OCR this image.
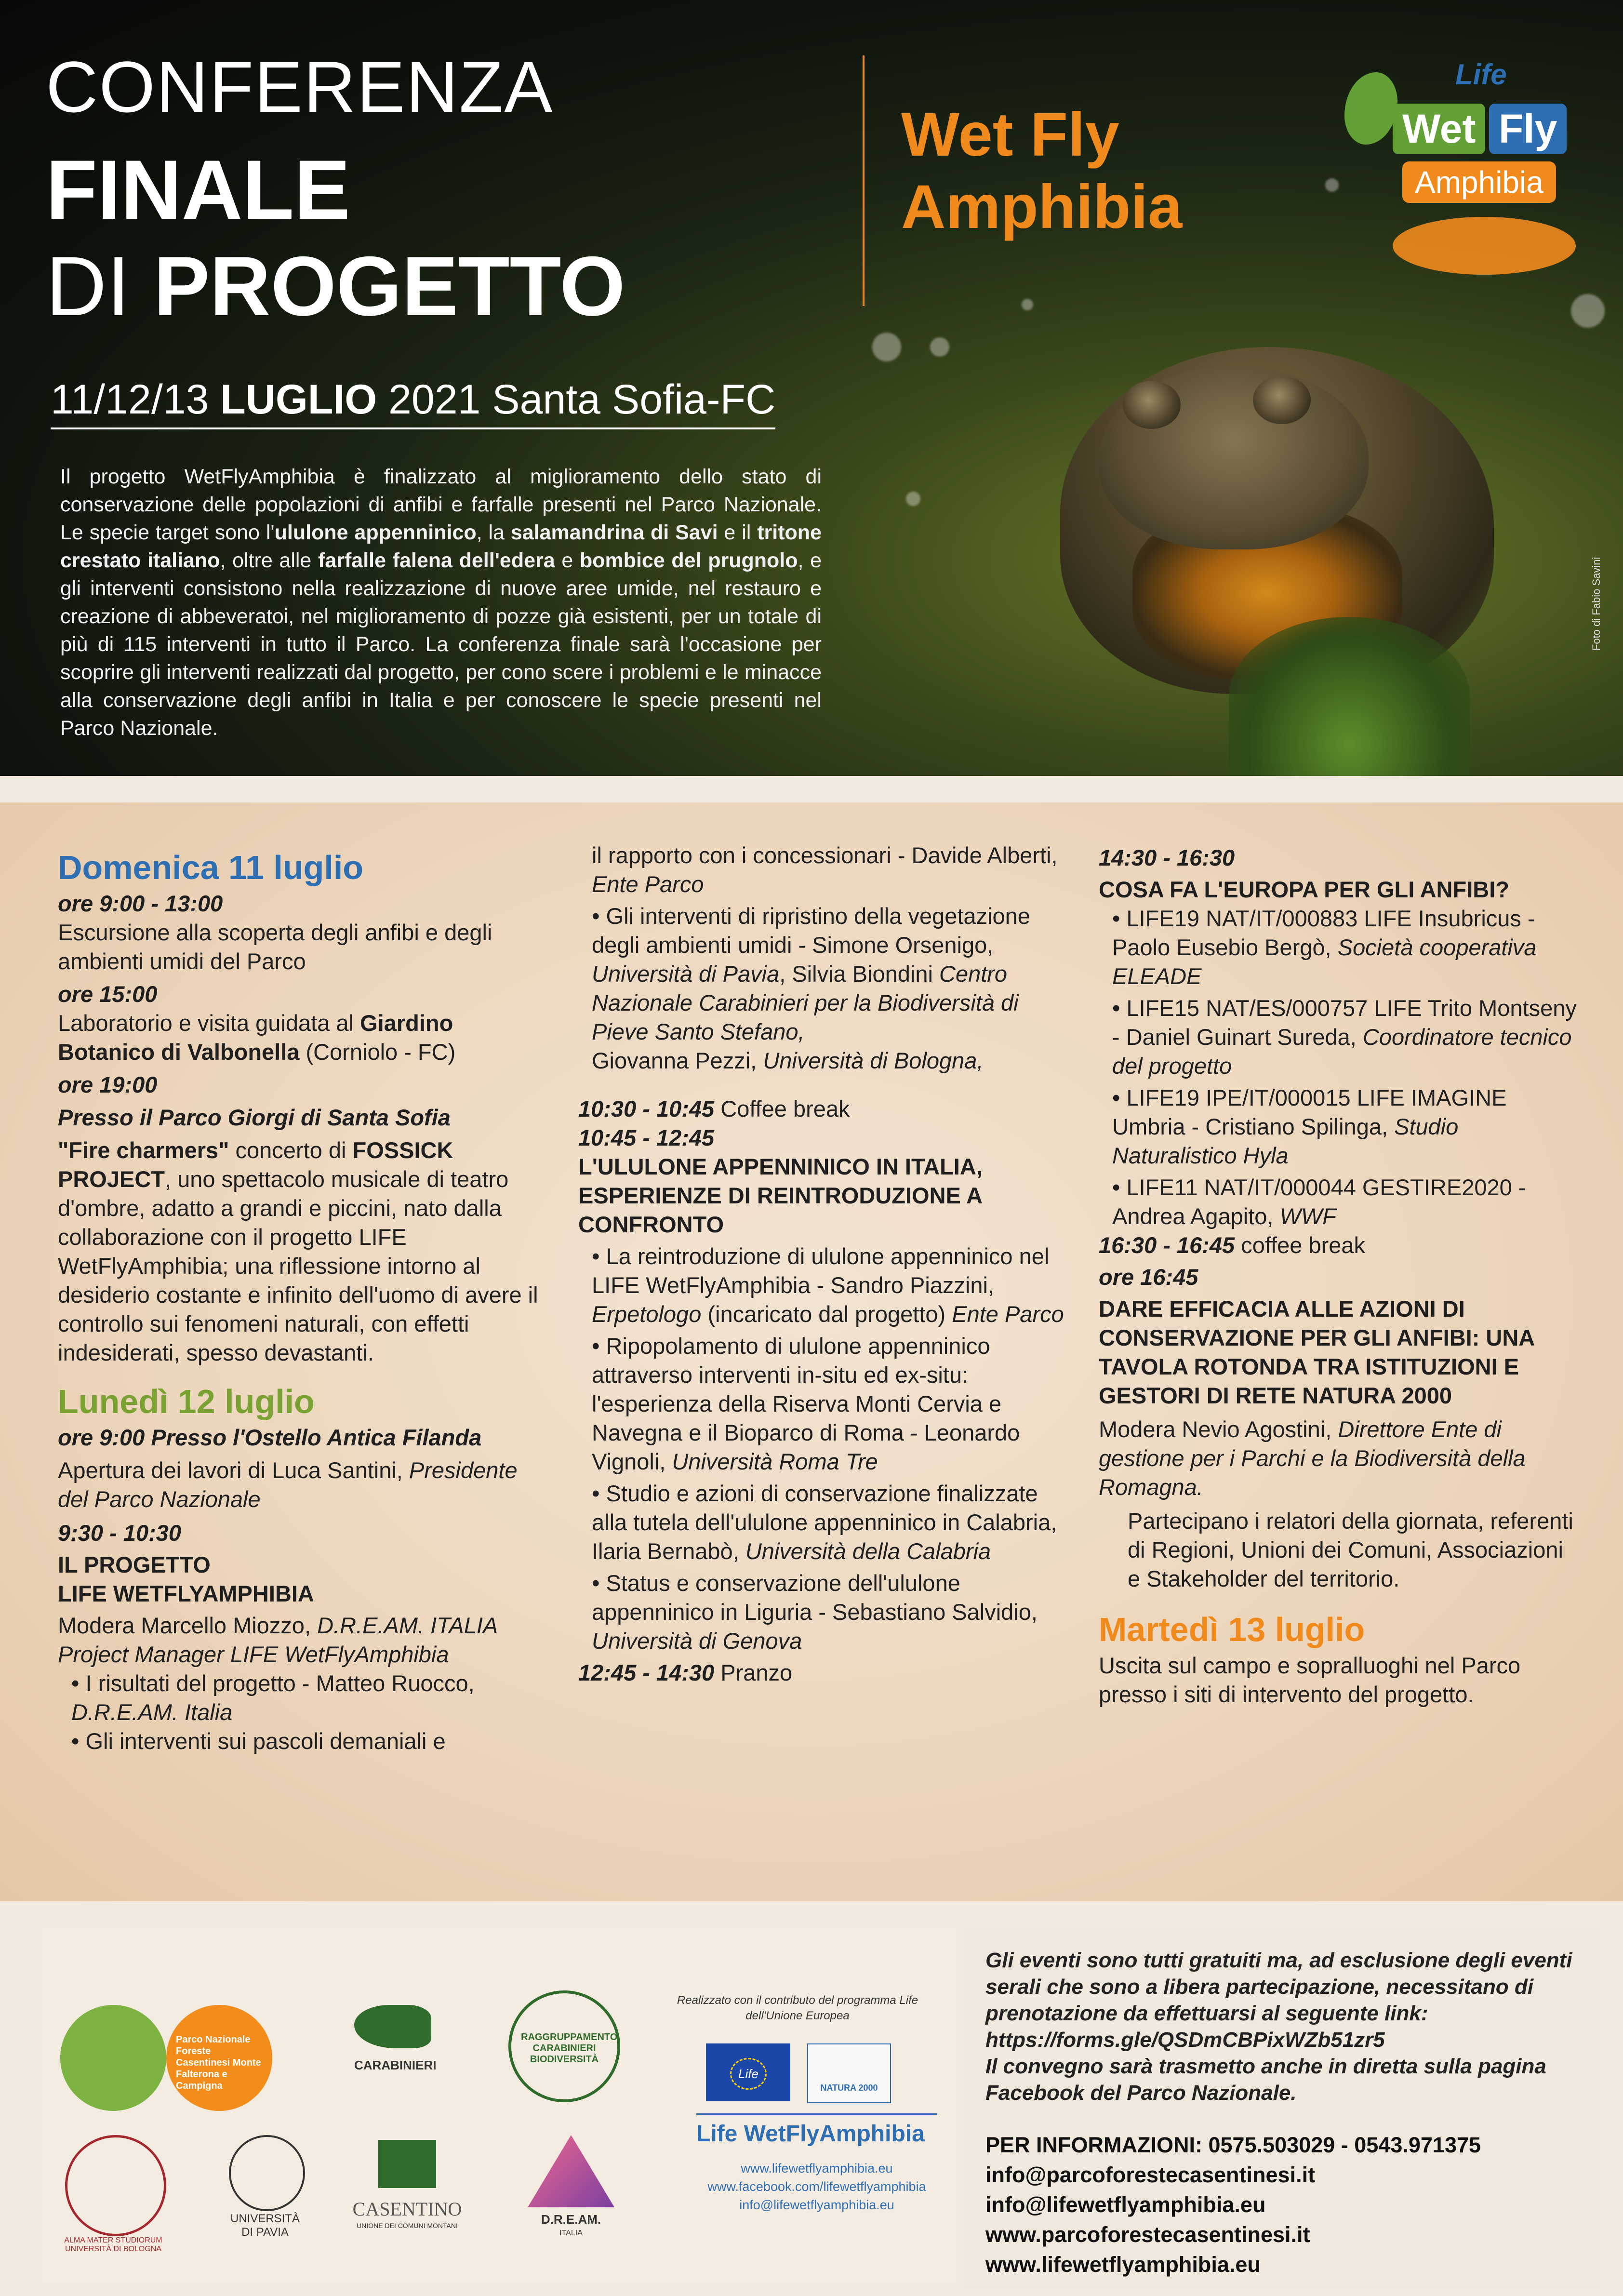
CONFERENZA
FINALE
DI PROGETTO
Wet Fly
Amphibia
11/12/13 LUGLIO 2021 Santa Sofia-FC
Life
Wet Fly
Amphibia
Il progetto WetFlyAmphibia è finalizzato al miglioramento dello stato di conservazione delle popolazioni di anfibi e farfalle presenti nel Parco Nazionale. Le specie target sono l'ululone appenninico, la salamandrina di Savi e il tritone crestato italiano, oltre alle farfalle falena dell'edera e bombice del prugnolo, e gli interventi consistono nella realizzazione di nuove aree umide, nel restauro e creazione di abbeveratoi, nel miglioramento di pozze già esistenti, per un totale di più di 115 interventi in tutto il Parco. La conferenza finale sarà l'occasione per scoprire gli interventi realizzati dal progetto, per cono scere i problemi e le minacce alla conservazione degli anfibi in Italia e per conoscere le specie presenti nel Parco Nazionale.
Foto di Fabio Savini

Domenica 11 luglio

ore 9:00 - 13:00

Escursione alla scoperta degli anfibi e degli ambienti umidi del Parco

ore 15:00

Laboratorio e visita guidata al Giardino Botanico di Valbonella (Corniolo - FC)

ore 19:00

Presso il Parco Giorgi di Santa Sofia

"Fire charmers" concerto di FOSSICK PROJECT, uno spettacolo musicale di teatro d'ombre, adatto a grandi e piccini, nato dalla collaborazione con il progetto LIFE WetFlyAmphibia; una riflessione intorno al desiderio costante e infinito dell'uomo di avere il controllo sui fenomeni naturali, con effetti indesiderati, spesso devastanti.

Lunedì 12 luglio

ore 9:00 Presso l'Ostello Antica Filanda

Apertura dei lavori di Luca Santini, Presidente del Parco Nazionale

9:30 - 10:30

IL PROGETTO

LIFE WETFLYAMPHIBIA

Modera Marcello Miozzo, D.R.E.AM. ITALIA Project Manager LIFE WetFlyAmphibia

• I risultati del progetto - Matteo Ruocco, D.R.E.AM. Italia

• Gli interventi sui pascoli demaniali e

il rapporto con i concessionari - Davide Alberti, Ente Parco

• Gli interventi di ripristino della vegetazione degli ambienti umidi - Simone Orsenigo, Università di Pavia, Silvia Biondini Centro Nazionale Carabinieri per la Biodiversità di Pieve Santo Stefano,
Giovanna Pezzi, Università di Bologna,

10:30 - 10:45 Coffee break

10:45 - 12:45

L'ULULONE APPENNINICO IN ITALIA, ESPERIENZE DI REINTRODUZIONE A CONFRONTO

• La reintroduzione di ululone appenninico nel LIFE WetFlyAmphibia - Sandro Piazzini, Erpetologo (incaricato dal progetto) Ente Parco

• Ripopolamento di ululone appenninico attraverso interventi in-situ ed ex-situ: l'esperienza della Riserva Monti Cervia e Navegna e il Bioparco di Roma - Leonardo Vignoli, Università Roma Tre

• Studio e azioni di conservazione finalizzate alla tutela dell'ululone appenninico in Calabria, Ilaria Bernabò, Università della Calabria

• Status e conservazione dell'ululone appenninico in Liguria - Sebastiano Salvidio, Università di Genova

12:45 - 14:30 Pranzo

14:30 - 16:30

COSA FA L'EUROPA PER GLI ANFIBI?

• LIFE19 NAT/IT/000883 LIFE Insubricus - Paolo Eusebio Bergò, Società cooperativa ELEADE

• LIFE15 NAT/ES/000757 LIFE Trito Montseny - Daniel Guinart Sureda, Coordinatore tecnico del progetto

• LIFE19 IPE/IT/000015 LIFE IMAGINE Umbria - Cristiano Spilinga, Studio Naturalistico Hyla

• LIFE11 NAT/IT/000044 GESTIRE2020 - Andrea Agapito, WWF

16:30 - 16:45 coffee break

ore 16:45

DARE EFFICACIA ALLE AZIONI DI CONSERVAZIONE PER GLI ANFIBI: UNA TAVOLA ROTONDA TRA ISTITUZIONI E GESTORI DI RETE NATURA 2000

Modera Nevio Agostini, Direttore Ente di gestione per i Parchi e la Biodiversità della Romagna.

Partecipano i relatori della giornata, referenti di Regioni, Unioni dei Comuni, Associazioni e Stakeholder del territorio.

Martedì 13 luglio

Uscita sul campo e sopralluoghi nel Parco presso i siti di intervento del progetto.

Parco Nazionale Foreste Casentinesi Monte Falterona e Campigna
CARABINIERI
RAGGRUPPAMENTO CARABINIERI BIODIVERSITÀ
Realizzato con il contributo del programma Life dell'Unione Europea
Life
NATURA 2000
Life WetFlyAmphibia
www.lifewetflyamphibia.eu
www.facebook.com/lifewetflyamphibia
info@lifewetflyamphibia.eu
ALMA MATER STUDIORUM UNIVERSITÀ DI BOLOGNA
UNIVERSITÀ
DI PAVIA
CASENTINO
UNIONE DEI COMUNI MONTANI	D.R.E.AM.
ITALIA
Gli eventi sono tutti gratuiti ma, ad esclusione degli eventi serali che sono a libera partecipazione, necessitano di prenotazione da effettuarsi al seguente link: https://forms.gle/QSDmCBPixWZb51zr5
Il convegno sarà trasmetto anche in diretta sulla pagina Facebook del Parco Nazionale.
PER INFORMAZIONI: 0575.503029 - 0543.971375
info@parcoforestecasentinesi.it
info@lifewetflyamphibia.eu
www.parcoforestecasentinesi.it
www.lifewetflyamphibia.eu
